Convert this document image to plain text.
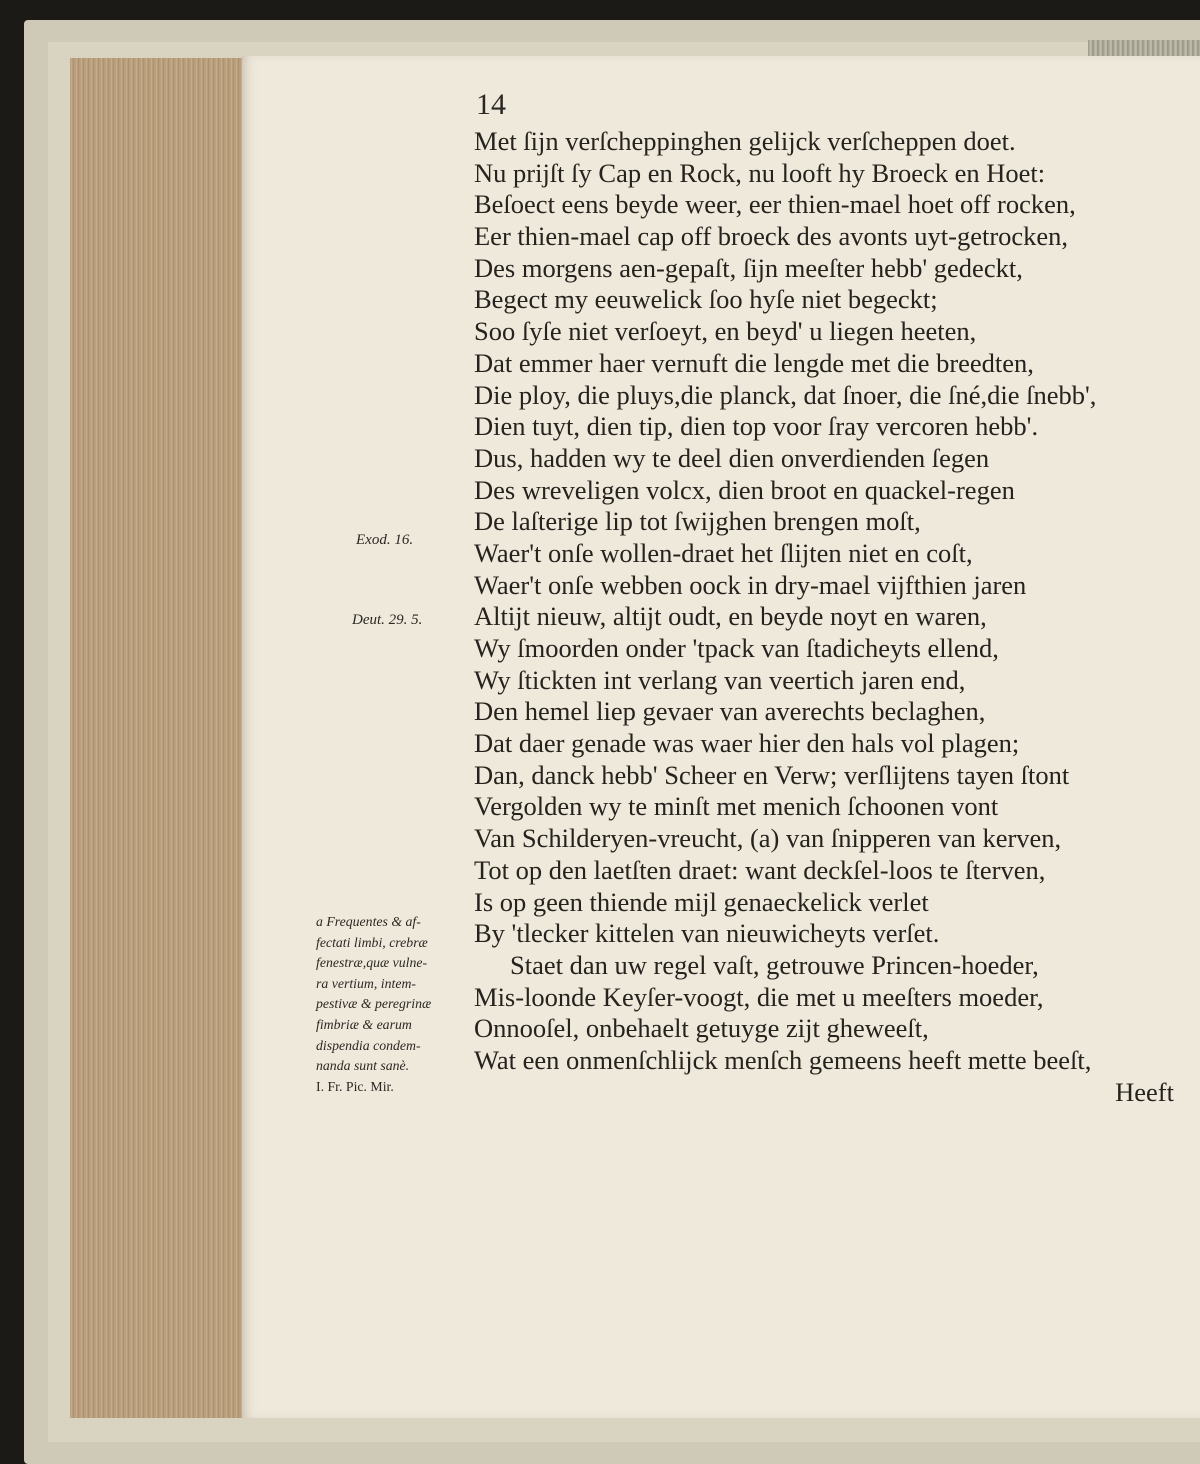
14

Exod. 16.

Deut. 29. 5.

a Frequentes & af-
fectati limbi, crebræ
fenestræ,quæ vulne-
ra vertium, intem-
pestivæ & peregrinæ
fimbriæ & earum
dispendia condem-
nanda sunt sanè.
I. Fr. Pic. Mir.
Met ſijn verſcheppinghen gelijck verſcheppen doet.
Nu prijſt ſy Cap en Rock, nu looft hy Broeck en Hoet:
Beſoect eens beyde weer, eer thien-mael hoet off rocken,
Eer thien-mael cap off broeck des avonts uyt-getrocken,
Des morgens aen-gepaſt, ſijn meeſter hebb' gedeckt,
Begect my eeuwelick ſoo hyſe niet begeckt;
Soo ſyſe niet verſoeyt, en beyd' u liegen heeten,
Dat emmer haer vernuft die lengde met die breedten,
Die ploy, die pluys,die planck, dat ſnoer, die ſné,die ſnebb',
Dien tuyt, dien tip, dien top voor ſray vercoren hebb'.
Dus, hadden wy te deel dien onverdienden ſegen
Des wreveligen volcx, dien broot en quackel-regen
De laſterige lip tot ſwijghen brengen moſt,
Waer't onſe wollen-draet het ſlijten niet en coſt,
Waer't onſe webben oock in dry-mael vijfthien jaren
Altijt nieuw, altijt oudt, en beyde noyt en waren,
Wy ſmoorden onder 'tpack van ſtadicheyts ellend,
Wy ſtickten int verlang van veertich jaren end,
Den hemel liep gevaer van averechts beclaghen,
Dat daer genade was waer hier den hals vol plagen;
Dan, danck hebb' Scheer en Verw; verſlijtens tayen ſtont
Vergolden wy te minſt met menich ſchoonen vont
Van Schilderyen-vreucht, (a) van ſnipperen van kerven,
Tot op den laetſten draet: want deckſel-loos te ſterven,
Is op geen thiende mijl genaeckelick verlet
By 'tlecker kittelen van nieuwicheyts verſet.
Staet dan uw regel vaſt, getrouwe Princen-hoeder,
Mis-loonde Keyſer-voogt, die met u meeſters moeder,
Onnooſel, onbehaelt getuyge zijt gheweeſt,
Wat een onmenſchlijck menſch gemeens heeft mette beeſt,
Heeft
